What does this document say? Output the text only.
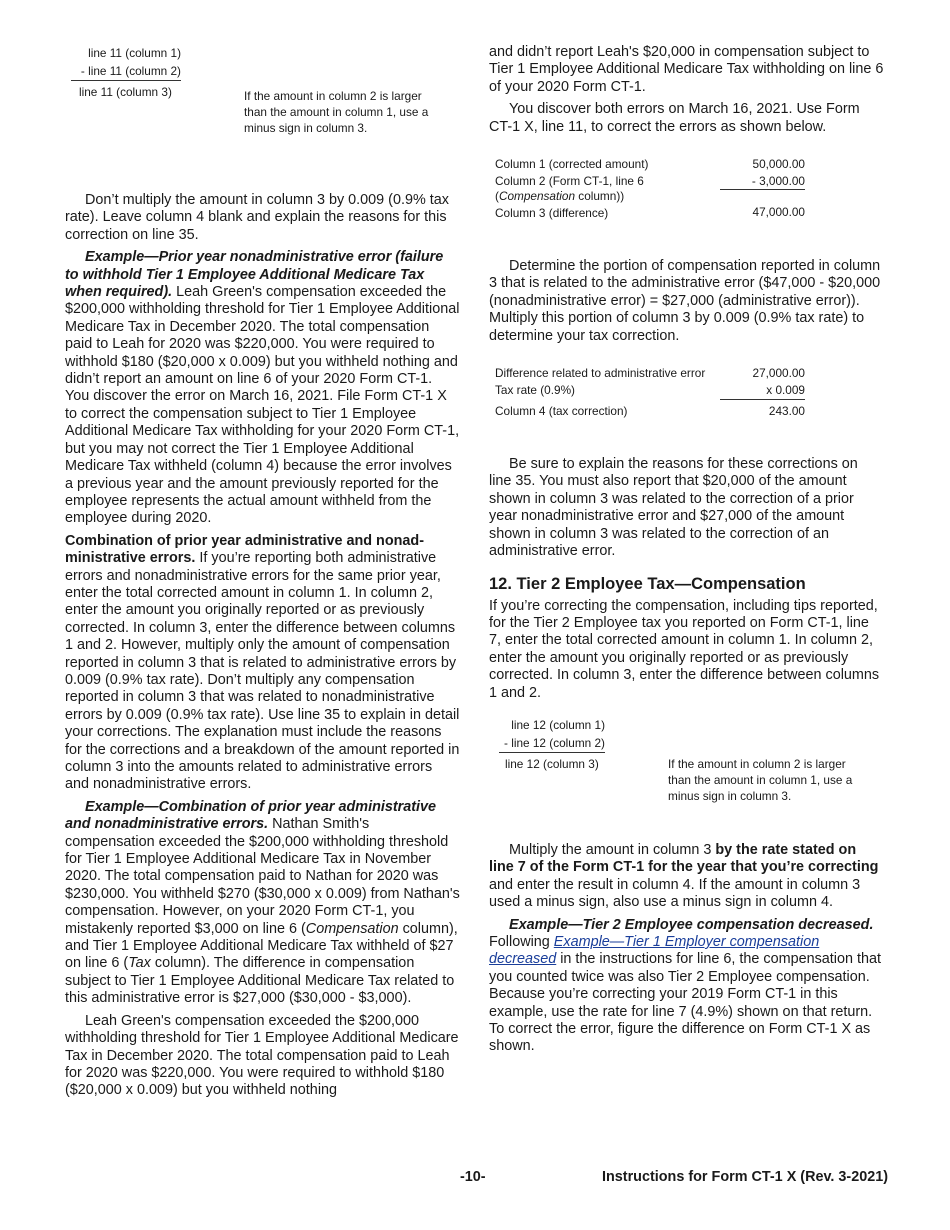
line 11 (column 1)
- line 11 (column 2)
line 11 (column 3)	If the amount in column 2 is larger than the amount in column 1, use a minus sign in column 3.

Don’t multiply the amount in column 3 by 0.009 (0.9% tax rate). Leave column 4 blank and explain the reasons for this correction on line 35.

Example—Prior year nonadministrative error (failure to withhold Tier 1 Employee Additional Medicare Tax when required). Leah Green's compensation exceeded the $200,000 withholding threshold for Tier 1 Employee Additional Medicare Tax in December 2020. The total compensation paid to Leah for 2020 was $220,000. You were required to withhold $180 ($20,000 x 0.009) but you withheld nothing and didn’t report an amount on line 6 of your 2020 Form CT-1. You discover the error on March 16, 2021. File Form CT-1 X to correct the compensation subject to Tier 1 Employee Additional Medicare Tax withholding for your 2020 Form CT-1, but you may not correct the Tier 1 Employee Additional Medicare Tax withheld (column 4) because the error involves a previous year and the amount previously reported for the employee represents the actual amount withheld from the employee during 2020.

Combination of prior year administrative and nonad-ministrative errors. If you’re reporting both administrative errors and nonadministrative errors for the same prior year, enter the total corrected amount in column 1. In column 2, enter the amount you originally reported or as previously corrected. In column 3, enter the difference between columns 1 and 2. However, multiply only the amount of compensation reported in column 3 that is related to administrative errors by 0.009 (0.9% tax rate). Don’t multiply any compensation reported in column 3 that was related to nonadministrative errors by 0.009 (0.9% tax rate). Use line 35 to explain in detail your corrections. The explanation must include the reasons for the corrections and a breakdown of the amount reported in column 3 into the amounts related to administrative errors and nonadministrative errors.

Example—Combination of prior year administrative and nonadministrative errors. Nathan Smith's compensation exceeded the $200,000 withholding threshold for Tier 1 Employee Additional Medicare Tax in November 2020. The total compensation paid to Nathan for 2020 was $230,000. You withheld $270 ($30,000 x 0.009) from Nathan's compensation. However, on your 2020 Form CT-1, you mistakenly reported $3,000 on line 6 (Compensation column), and Tier 1 Employee Additional Medicare Tax withheld of $27 on line 6 (Tax column). The difference in compensation subject to Tier 1 Employee Additional Medicare Tax related to this administrative error is $27,000 ($30,000 - $3,000).

Leah Green's compensation exceeded the $200,000 withholding threshold for Tier 1 Employee Additional Medicare Tax in December 2020. The total compensation paid to Leah for 2020 was $220,000. You were required to withhold $180 ($20,000 x 0.009) but you withheld nothing

and didn’t report Leah's $20,000 in compensation subject to Tier 1 Employee Additional Medicare Tax withholding on line 6 of your 2020 Form CT-1.

You discover both errors on March 16, 2021. Use Form CT-1 X, line 11, to correct the errors as shown below.

Column 1 (corrected amount)	50,000.00
Column 2 (Form CT-1, line 6
(Compensation column))	- 3,000.00

Column 3 (difference)	47,000.00

Determine the portion of compensation reported in column 3 that is related to the administrative error ($47,000 - $20,000 (nonadministrative error) = $27,000 (administrative error)). Multiply this portion of column 3 by 0.009 (0.9% tax rate) to determine your tax correction.

Difference related to administrative error	27,000.00
Tax rate (0.9%)	x 0.009
Column 4 (tax correction)	243.00

Be sure to explain the reasons for these corrections on line 35. You must also report that $20,000 of the amount shown in column 3 was related to the correction of a prior year nonadministrative error and $27,000 of the amount shown in column 3 was related to the correction of an administrative error.

12. Tier 2 Employee Tax—Compensation

If you’re correcting the compensation, including tips reported, for the Tier 2 Employee tax you reported on Form CT-1, line 7, enter the total corrected amount in column 1. In column 2, enter the amount you originally reported or as previously corrected. In column 3, enter the difference between columns 1 and 2.

line 12 (column 1)
- line 12 (column 2)
line 12 (column 3)	If the amount in column 2 is larger than the amount in column 1, use a minus sign in column 3.

Multiply the amount in column 3 by the rate stated on line 7 of the Form CT-1 for the year that you’re correcting and enter the result in column 4. If the amount in column 3 used a minus sign, also use a minus sign in column 4.

Example—Tier 2 Employee compensation decreased. Following Example—Tier 1 Employer compensation decreased in the instructions for line 6, the compensation that you counted twice was also Tier 2 Employee compensation. Because you’re correcting your 2019 Form CT-1 in this example, use the rate for line 7 (4.9%) shown on that return. To correct the error, figure the difference on Form CT-1 X as shown.

-10-	Instructions for Form CT-1 X (Rev. 3-2021)
